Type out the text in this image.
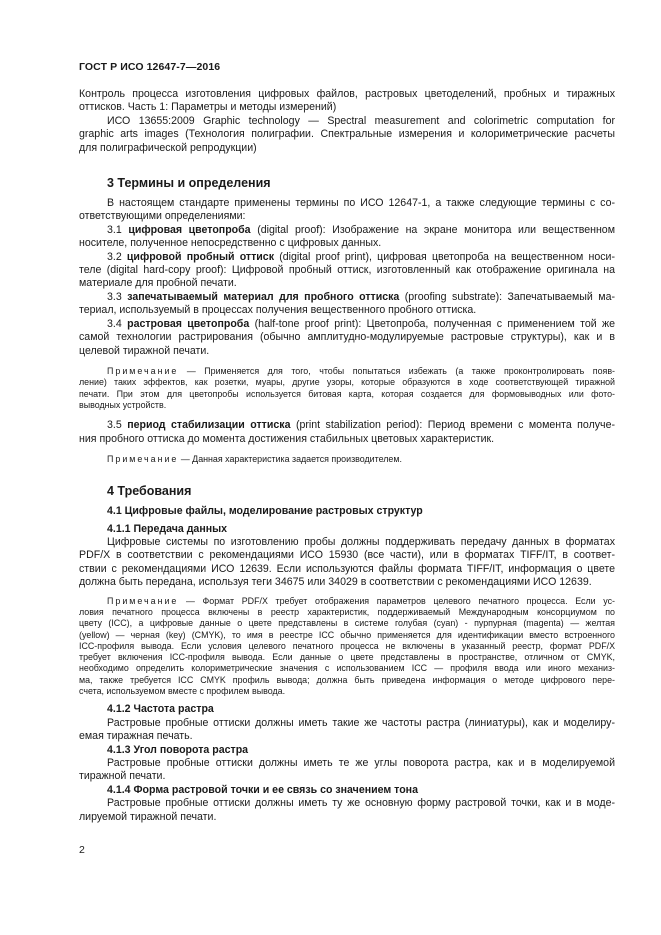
ГОСТ Р ИСО 12647-7—2016

Контроль процесса изготовления цифровых файлов, растровых цветоделений, пробных и тиражных

оттисков. Часть 1: Параметры и методы измерений)

ИСО 13655:2009 Graphic technology — Spectral measurement and colorimetric computation for

graphic arts images (Технология полиграфии. Спектральные измерения и колориметрические расчеты

для полиграфической репродукции)

3 Термины и определения

В настоящем стандарте применены термины по ИСО 12647-1, а также следующие термины с со-

ответствующими определениями:

3.1 цифровая цветопроба (digital proof): Изображение на экране монитора или вещественном

носителе, полученное непосредственно с цифровых данных.

3.2 цифровой пробный оттиск (digital proof print), цифровая цветопроба на вещественном носи-

теле (digital hard-copy proof): Цифровой пробный оттиск, изготовленный как отображение оригинала на

материале для пробной печати.

3.3 запечатываемый материал для пробного оттиска (proofing substrate): Запечатываемый ма-

териал, используемый в процессах получения вещественного пробного оттиска.

3.4 растровая цветопроба (half-tone proof print): Цветопроба, полученная с применением той же

самой технологии растрирования (обычно амплитудно-модулируемые растровые структуры), как и в

целевой тиражной печати.

Примечание — Применяется для того, чтобы попытаться избежать (а также проконтролировать появ-

ление) таких эффектов, как розетки, муары, другие узоры, которые образуются в ходе соответствующей тиражной

печати. При этом для цветопробы используется битовая карта, которая создается для формовыводных или фото-

выводных устройств.

3.5 период стабилизации оттиска (print stabilization period): Период времени с момента получе-

ния пробного оттиска до момента достижения стабильных цветовых характеристик.

Примечание — Данная характеристика задается производителем.

4 Требования
4.1 Цифровые файлы, моделирование растровых структур
4.1.1 Передача данных

Цифровые системы по изготовлению пробы должны поддерживать передачу данных в форматах

PDF/X в соответствии с рекомендациями ИСО 15930 (все части), или в форматах TIFF/IT, в соответ-

ствии с рекомендациями ИСО 12639. Если используются файлы формата TIFF/IT, информация о цвете

должна быть передана, используя теги 34675 или 34029 в соответствии с рекомендациями ИСО 12639.

Примечание — Формат PDF/X требует отображения параметров целевого печатного процесса. Если ус-

ловия печатного процесса включены в реестр характеристик, поддерживаемый Международным консорциумом по

цвету (ICC), а цифровые данные о цвете представлены в системе голубая (cyan) - пурпурная (magenta) — желтая

(yellow) — черная (key) (CMYK), то имя в реестре ICC обычно применяется для идентификации вместо встроенного

ICC-профиля вывода. Если условия целевого печатного процесса не включены в указанный реестр, формат PDF/X

требует включения ICC-профиля вывода. Если данные о цвете представлены в пространстве, отличном от CMYK,

необходимо определить колориметрические значения с использованием ICC — профиля ввода или иного механиз-

ма, также требуется ICC CMYK профиль вывода; должна быть приведена информация о методе цифрового пере-

счета, используемом вместе с профилем вывода.

4.1.2 Частота растра

Растровые пробные оттиски должны иметь такие же частоты растра (линиатуры), как и моделиру-

емая тиражная печать.

4.1.3 Угол поворота растра

Растровые пробные оттиски должны иметь те же углы поворота растра, как и в моделируемой

тиражной печати.

4.1.4 Форма растровой точки и ее связь со значением тона

Растровые пробные оттиски должны иметь ту же основную форму растровой точки, как и в моде-

лируемой тиражной печати.

2
